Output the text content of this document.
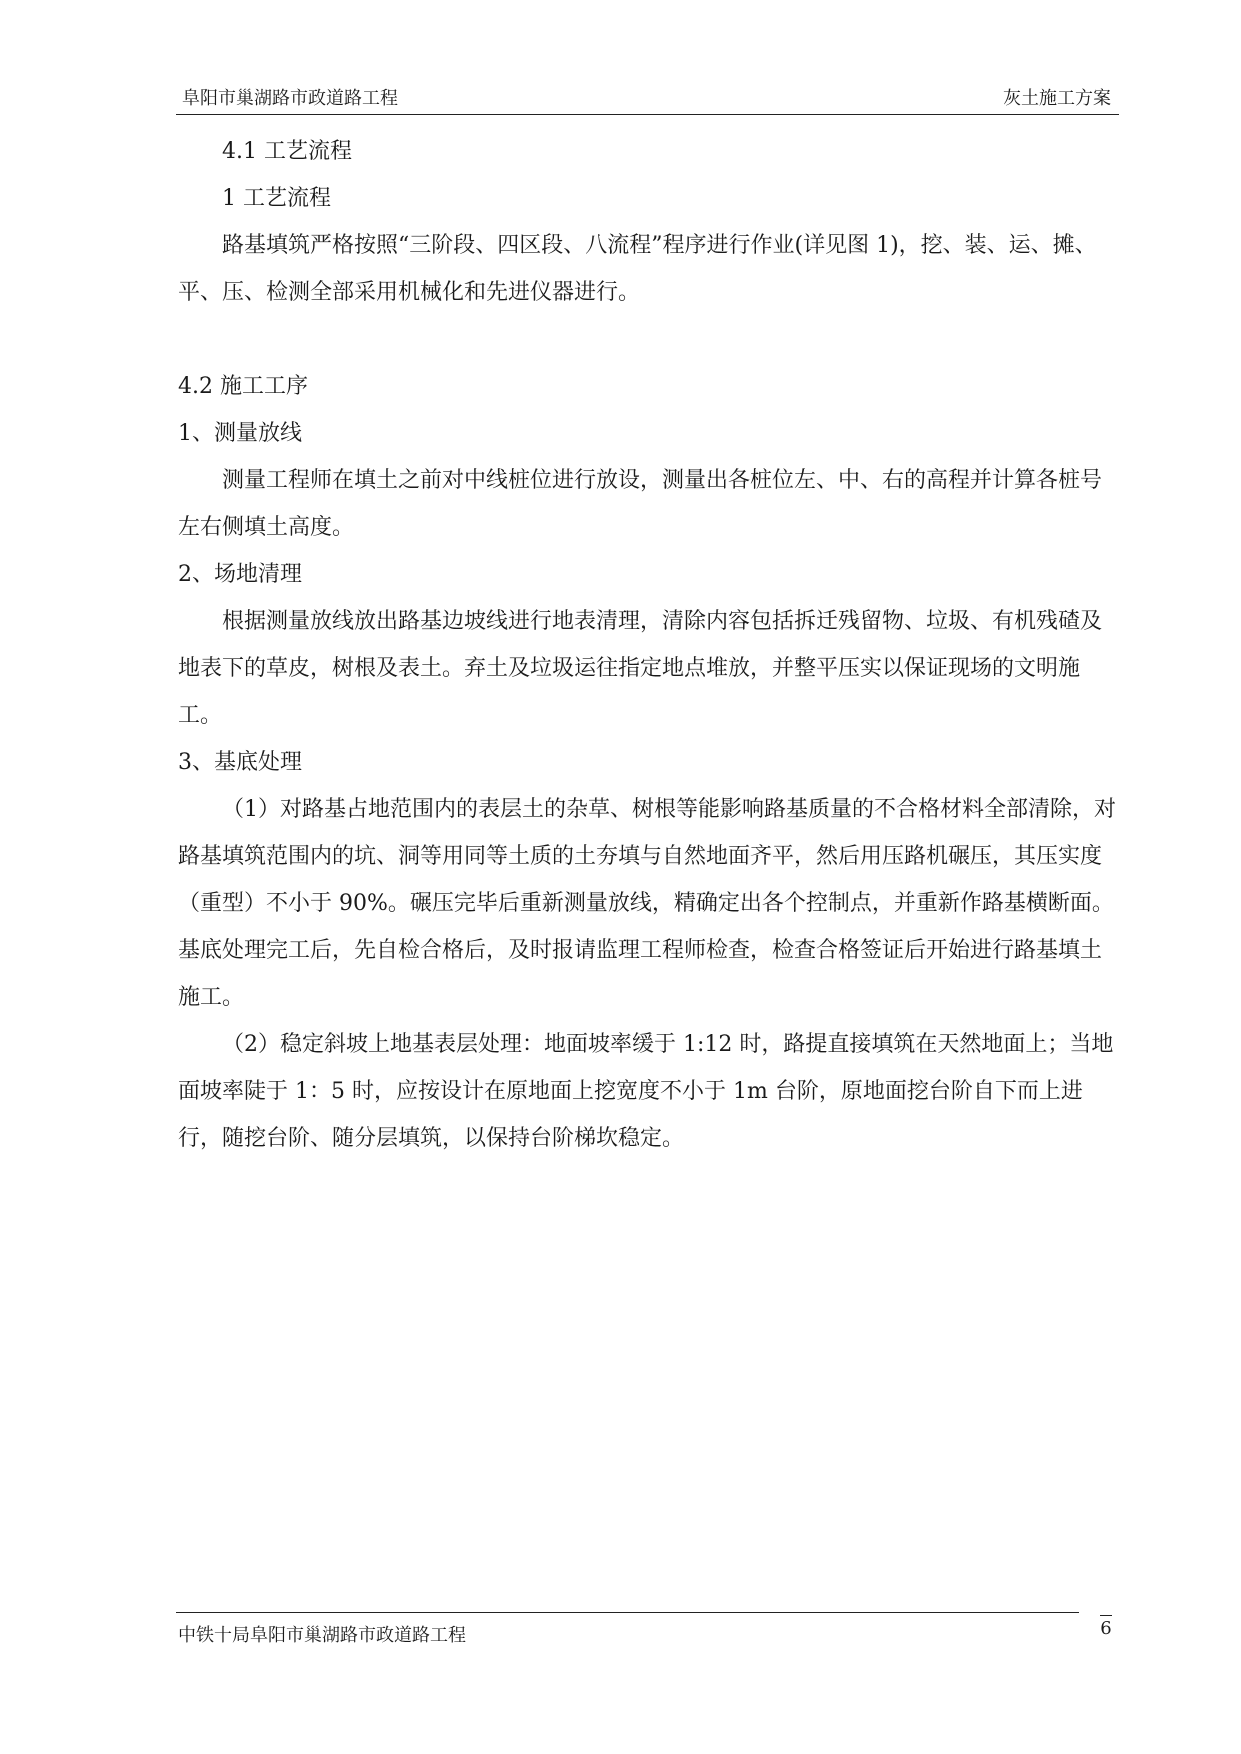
阜阳市巢湖路市政道路工程	灰土施工方案

4.1 工艺流程

1 工艺流程

路基填筑严格按照“三阶段、四区段、八流程”程序进行作业(详见图 1)，挖、装、运、摊、平、压、检测全部采用机械化和先进仪器进行。

4.2 施工工序

1、测量放线

测量工程师在填土之前对中线桩位进行放设，测量出各桩位左、中、右的高程并计算各桩号左右侧填土高度。

2、场地清理

根据测量放线放出路基边坡线进行地表清理，清除内容包括拆迁残留物、垃圾、有机残碴及地表下的草皮，树根及表土。弃土及垃圾运往指定地点堆放，并整平压实以保证现场的文明施工。

3、基底处理

（1）对路基占地范围内的表层土的杂草、树根等能影响路基质量的不合格材料全部清除，对路基填筑范围内的坑、洞等用同等土质的土夯填与自然地面齐平，然后用压路机碾压，其压实度（重型）不小于 90%。碾压完毕后重新测量放线，精确定出各个控制点，并重新作路基横断面。基底处理完工后，先自检合格后，及时报请监理工程师检查，检查合格签证后开始进行路基填土施工。

（2）稳定斜坡上地基表层处理：地面坡率缓于 1:12 时，路提直接填筑在天然地面上；当地面坡率陡于 1：5 时，应按设计在原地面上挖宽度不小于 1m 台阶，原地面挖台阶自下而上进行，随挖台阶、随分层填筑，以保持台阶梯坎稳定。

中铁十局阜阳市巢湖路市政道路工程	6
